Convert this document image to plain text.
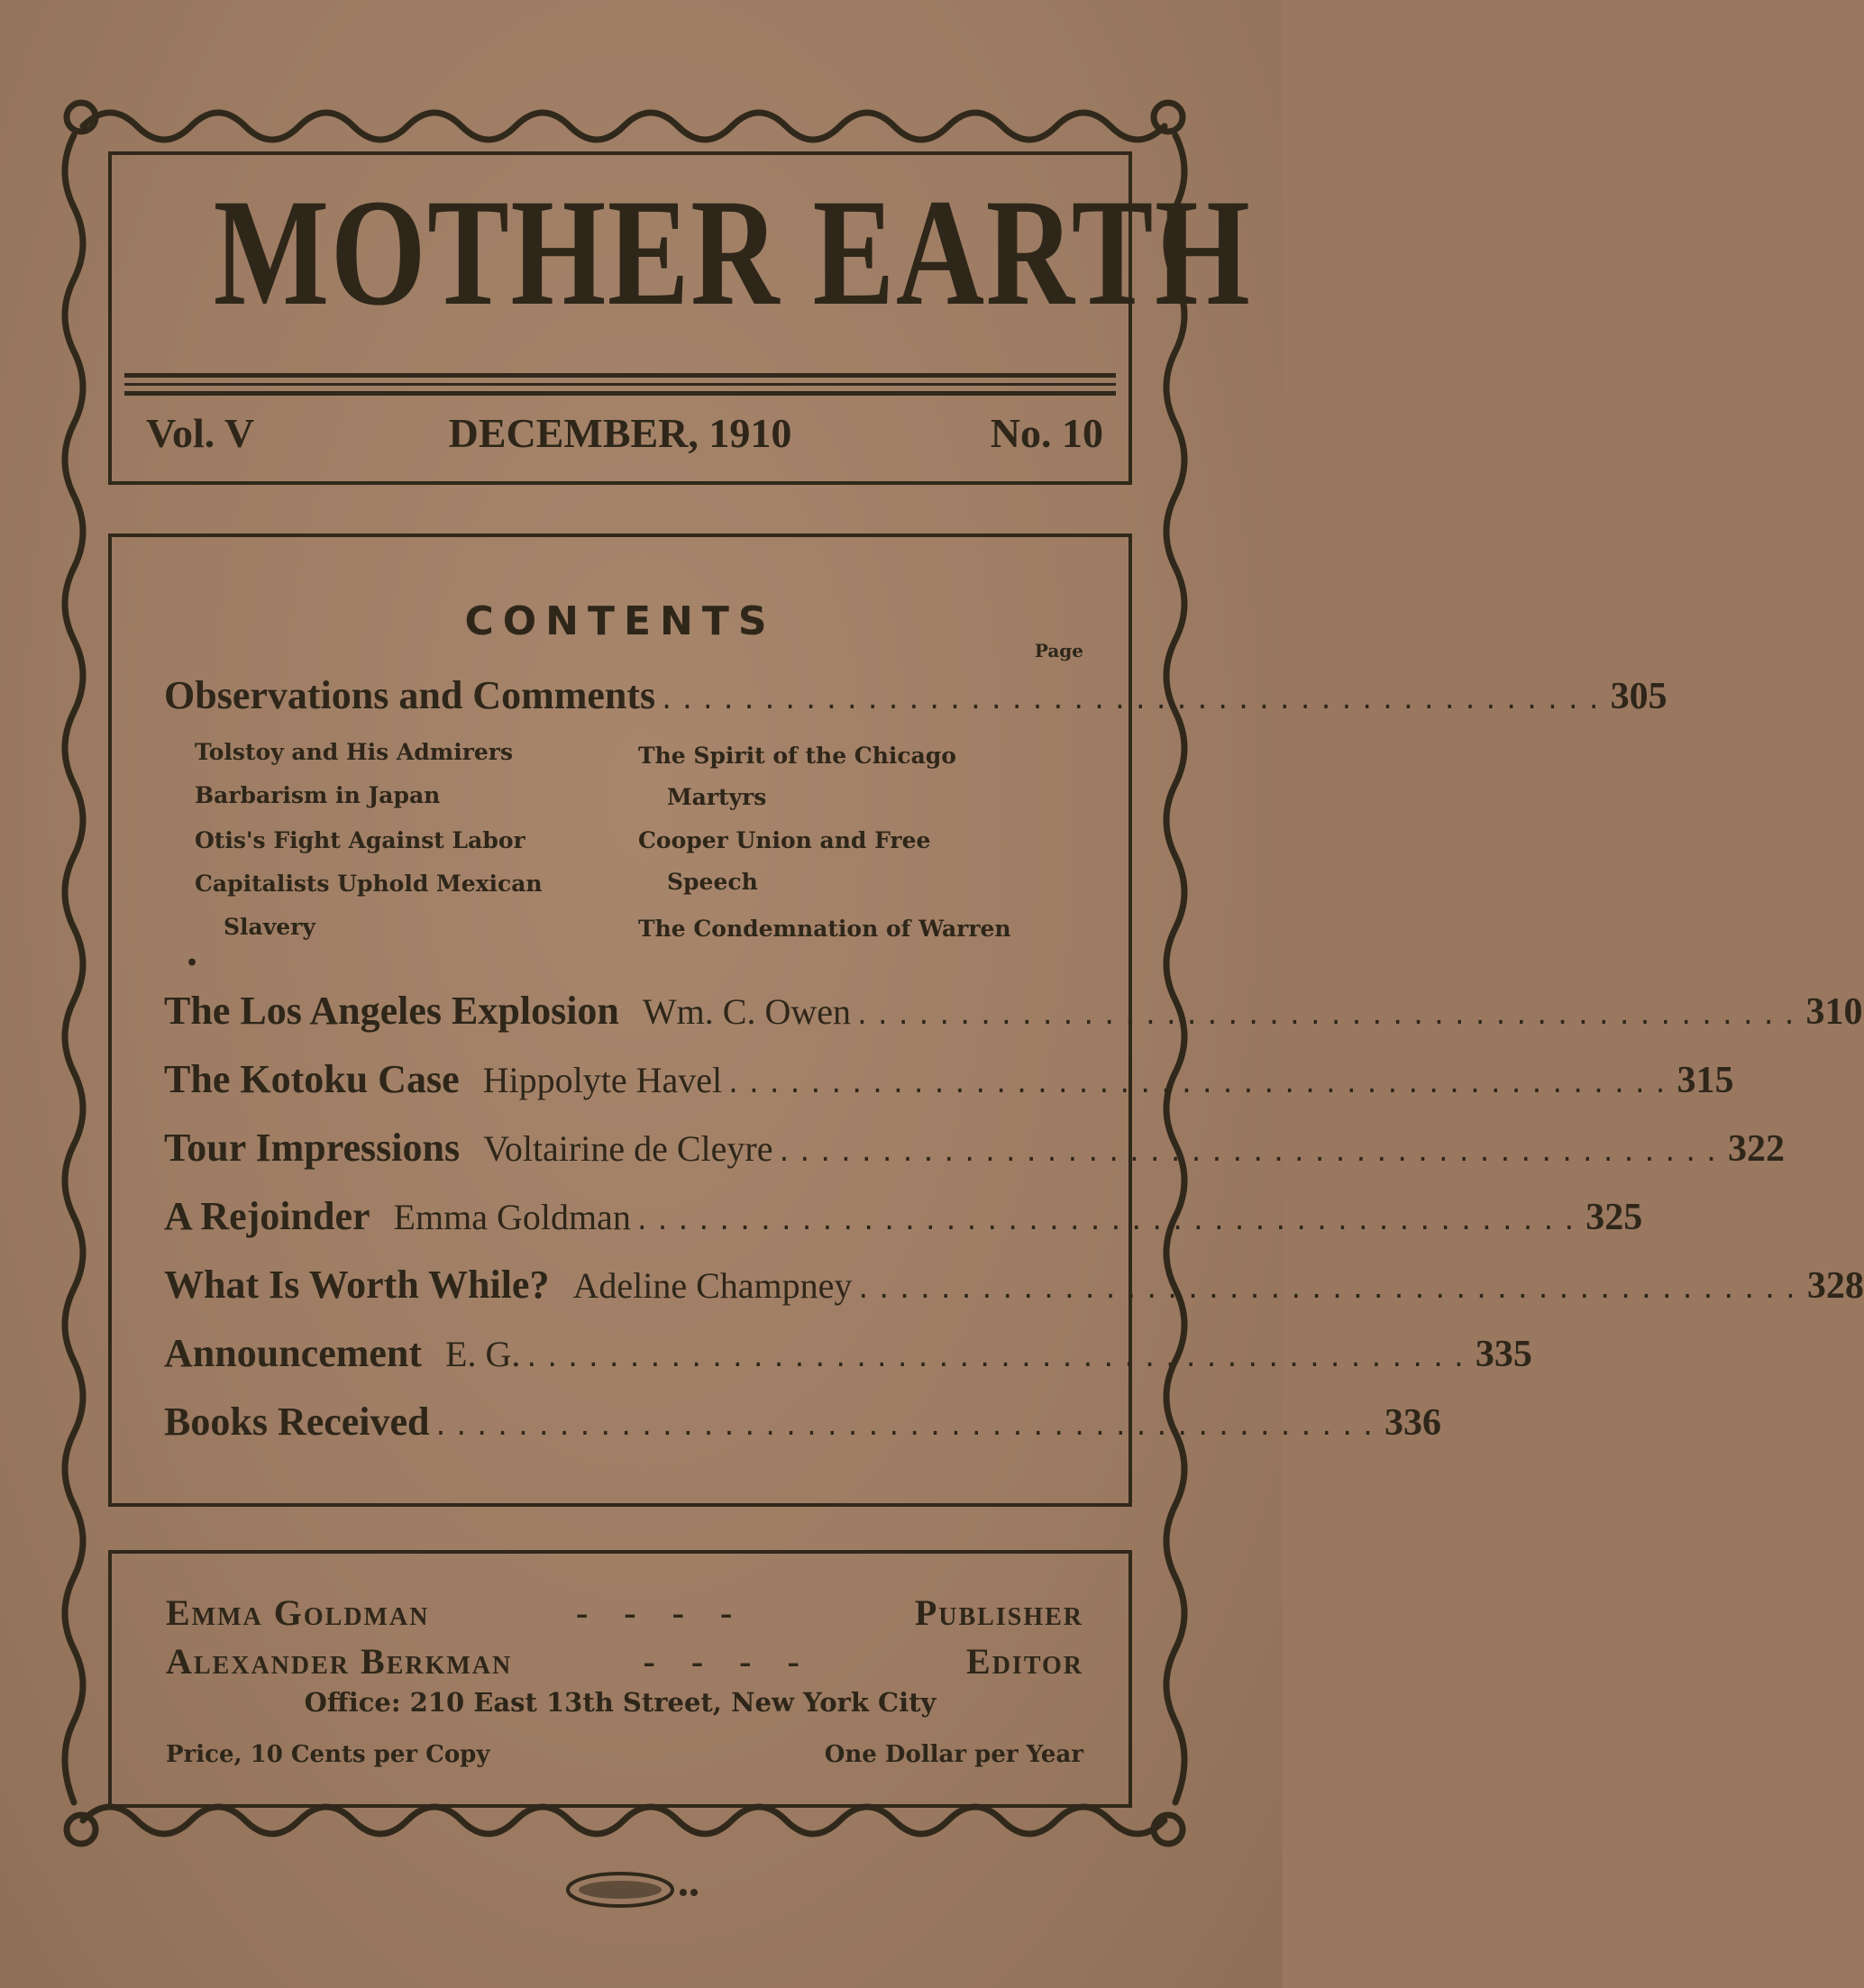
MOTHER EARTH
Vol. V	DECEMBER, 1910	No. 10
CONTENTS
Page
Observations and Comments .............................................. 305
Tolstoy and His Admirers
Barbarism in Japan
Otis's Fight Against Labor
Capitalists Uphold Mexican
Slavery
The Spirit of the Chicago
Martyrs
Cooper Union and Free
Speech
The Condemnation of Warren
•
The Los Angeles Explosion Wm. C. Owen .............................................. 310
The Kotoku Case Hippolyte Havel .............................................. 315
Tour Impressions Voltairine de Cleyre .............................................. 322
A Rejoinder Emma Goldman .............................................. 325
What Is Worth While? Adeline Champney .............................................. 328
Announcement E. G. .............................................. 335
Books Received .............................................. 336
Emma Goldman	----	Publisher
Alexander Berkman	----	Editor
Office: 210 East 13th Street, New York City
Price, 10 Cents per Copy	One Dollar per Year
